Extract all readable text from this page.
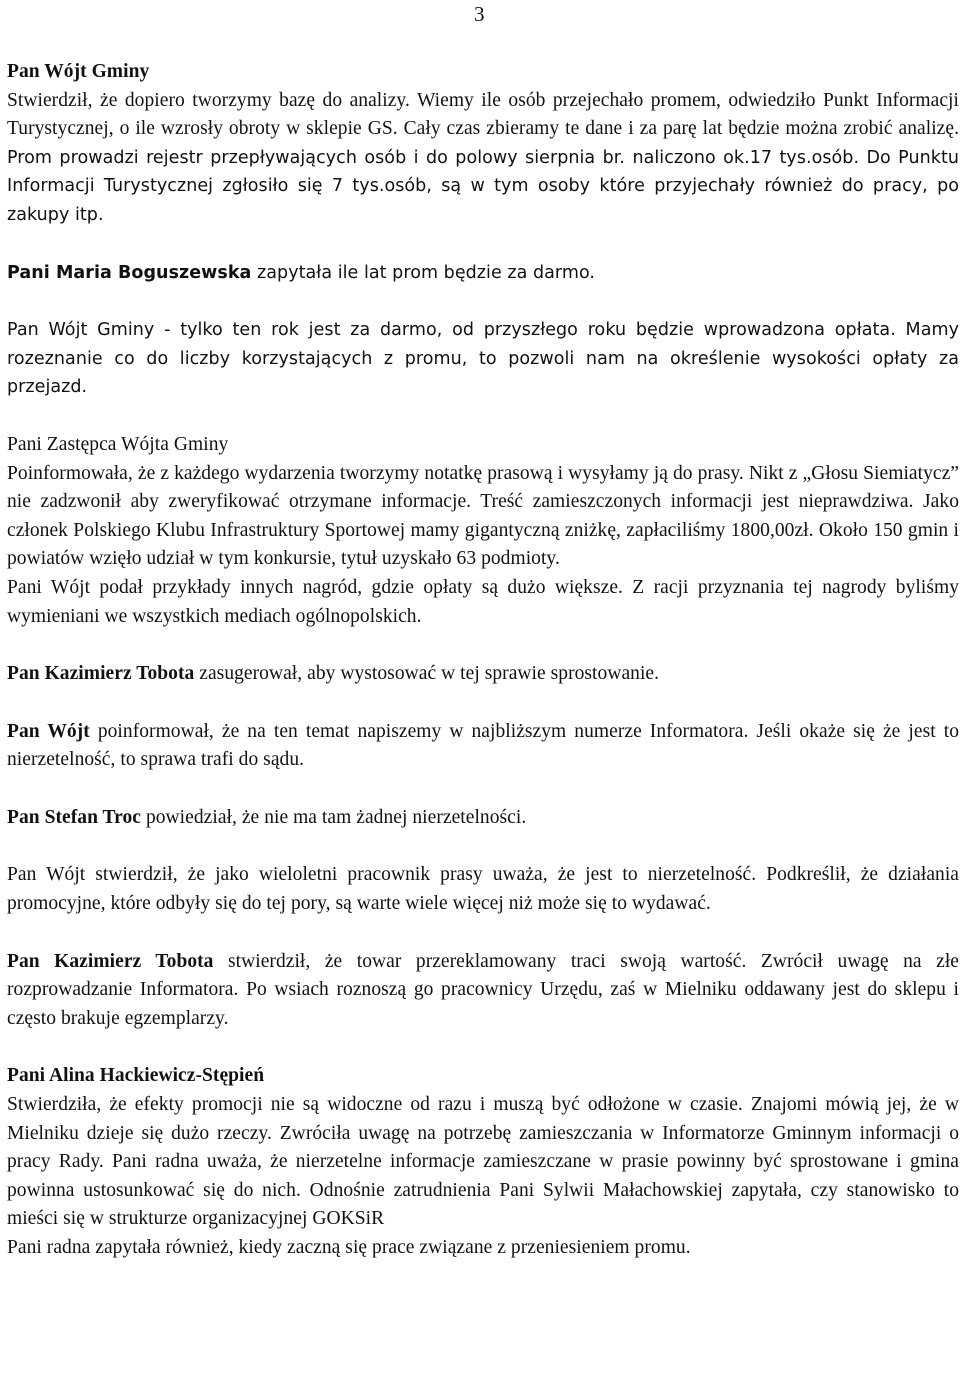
3

Pan Wójt Gminy

Stwierdził, że dopiero tworzymy bazę do analizy. Wiemy ile osób przejechało promem, odwiedziło Punkt Informacji Turystycznej, o ile wzrosły obroty w sklepie GS. Cały czas zbieramy te dane i za parę lat będzie można zrobić analizę. Prom prowadzi rejestr przepływających osób i do polowy sierpnia br. naliczono ok.17 tys.osób. Do Punktu Informacji Turystycznej zgłosiło się 7 tys.osób, są w tym osoby które przyjechały również do pracy, po zakupy itp.

Pani Maria Boguszewska zapytała ile lat prom będzie za darmo.

Pan Wójt Gminy - tylko ten rok jest za darmo, od przyszłego roku będzie wprowadzona opłata. Mamy rozeznanie co do liczby korzystających z promu, to pozwoli nam na określenie wysokości opłaty za przejazd.

Pani Zastępca Wójta Gminy

Poinformowała, że z każdego wydarzenia tworzymy notatkę prasową i wysyłamy ją do prasy. Nikt z „Głosu Siemiatycz” nie zadzwonił aby zweryfikować otrzymane informacje. Treść zamieszczonych informacji jest nieprawdziwa. Jako członek Polskiego Klubu Infrastruktury Sportowej mamy gigantyczną zniżkę, zapłaciliśmy 1800,00zł. Około 150 gmin i powiatów wzięło udział w tym konkursie, tytuł uzyskało 63 podmioty.

Pani Wójt podał przykłady innych nagród, gdzie opłaty są dużo większe. Z racji przyznania tej nagrody byliśmy wymieniani we wszystkich mediach ogólnopolskich.

Pan Kazimierz Tobota zasugerował, aby wystosować w tej sprawie sprostowanie.

Pan Wójt poinformował, że na ten temat napiszemy w najbliższym numerze Informatora. Jeśli okaże się że jest to nierzetelność, to sprawa trafi do sądu.

Pan Stefan Troc powiedział, że nie ma tam żadnej nierzetelności.

Pan Wójt stwierdził, że jako wieloletni pracownik prasy uważa, że jest to nierzetelność. Podkreślił, że działania promocyjne, które odbyły się do tej pory, są warte wiele więcej niż może się to wydawać.

Pan Kazimierz Tobota stwierdził, że towar przereklamowany traci swoją wartość. Zwrócił uwagę na złe rozprowadzanie Informatora. Po wsiach roznoszą go pracownicy Urzędu, zaś w Mielniku oddawany jest do sklepu i często brakuje egzemplarzy.

Pani Alina Hackiewicz-Stępień

Stwierdziła, że efekty promocji nie są widoczne od razu i muszą być odłożone w czasie. Znajomi mówią jej, że w Mielniku dzieje się dużo rzeczy. Zwróciła uwagę na potrzebę zamieszczania w Informatorze Gminnym informacji o pracy Rady. Pani radna uważa, że nierzetelne informacje zamieszczane w prasie powinny być sprostowane i gmina powinna ustosunkować się do nich. Odnośnie zatrudnienia Pani Sylwii Małachowskiej zapytała, czy stanowisko to mieści się w strukturze organizacyjnej GOKSiR

Pani radna zapytała również, kiedy zaczną się prace związane z przeniesieniem promu.
